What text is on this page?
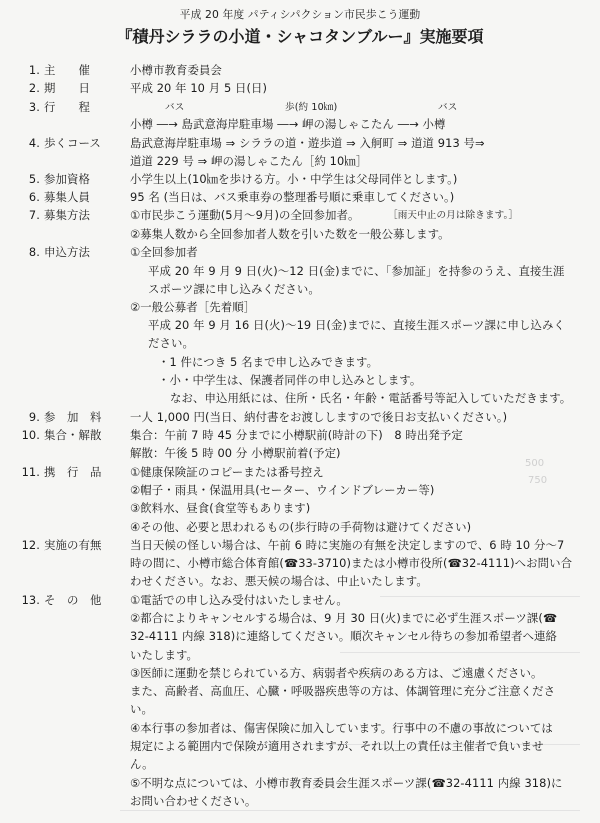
500
750
平成 20 年度 パティシパクション市民歩こう運動
『積丹シララの小道・シャコタンブルー』実施要項
1. 主　　催	小樽市教育委員会
2. 期　　日	平成 20 年 10 月 5 日(日)
3. 行　　程	バス	歩(約 10㎞)	バス
小樽 ―→ 島武意海岸駐車場 ―→ 岬の湯しゃこたん ―→ 小樽
4. 歩くコース	島武意海岸駐車場 ⇒ シララの道・遊歩道 ⇒ 入舸町 ⇒ 道道 913 号⇒
道道 229 号 ⇒ 岬の湯しゃこたん［約 10㎞］
5. 参加資格	小学生以上(10㎞を歩ける方。小・中学生は父母同伴とします。)
6. 募集人員	95 名 (当日は、バス乗車券の整理番号順に乗車してください。)
7. 募集方法	①市民歩こう運動(5月～9月)の全回参加者。	［雨天中止の月は除きます。］
②募集人数から全回参加者人数を引いた数を一般公募します。
8. 申込方法	①全回参加者
平成 20 年 9 月 9 日(火)～12 日(金)までに、「参加証」を持参のうえ、直接生涯
スポーツ課に申し込みください。
②一般公募者［先着順］
平成 20 年 9 月 16 日(火)～19 日(金)までに、直接生涯スポーツ課に申し込みく
ださい。
・1 件につき 5 名まで申し込みできます。
・小・中学生は、保護者同伴の申し込みとします。
なお、申込用紙には、住所・氏名・年齢・電話番号等記入していただきます。
9. 参　加　料	一人 1,000 円(当日、納付書をお渡ししますので後日お支払いください。)
10. 集合・解散	集合：午前 7 時 45 分までに小樽駅前(時計の下)　8 時出発予定
解散：午後 5 時 00 分 小樽駅前着(予定)
11. 携　行　品	①健康保険証のコピーまたは番号控え
②帽子・雨具・保温用具(セーター、ウインドブレーカー等)
③飲料水、昼食(食堂等もあります)
④その他、必要と思われるもの(歩行時の手荷物は避けてください)
12. 実施の有無	当日天候の怪しい場合は、午前 6 時に実施の有無を決定しますので、6 時 10 分～7
時の間に、小樽市総合体育館(☎33-3710)または小樽市役所(☎32-4111)へお問い合
わせください。なお、悪天候の場合は、中止いたします。
13. そ　の　他	①電話での申し込み受付はいたしません。
②都合によりキャンセルする場合は、9 月 30 日(火)までに必ず生涯スポーツ課(☎
32-4111 内線 318)に連絡してください。順次キャンセル待ちの参加希望者へ連絡
いたします。
③医師に運動を禁じられている方、病弱者や疾病のある方は、ご遠慮ください。
また、高齢者、高血圧、心臓・呼吸器疾患等の方は、体調管理に充分ご注意くださ
い。
④本行事の参加者は、傷害保険に加入しています。行事中の不慮の事故については
規定による範囲内で保険が適用されますが、それ以上の責任は主催者で負いませ
ん。
⑤不明な点については、小樽市教育委員会生涯スポーツ課(☎32-4111 内線 318)に
お問い合わせください。
